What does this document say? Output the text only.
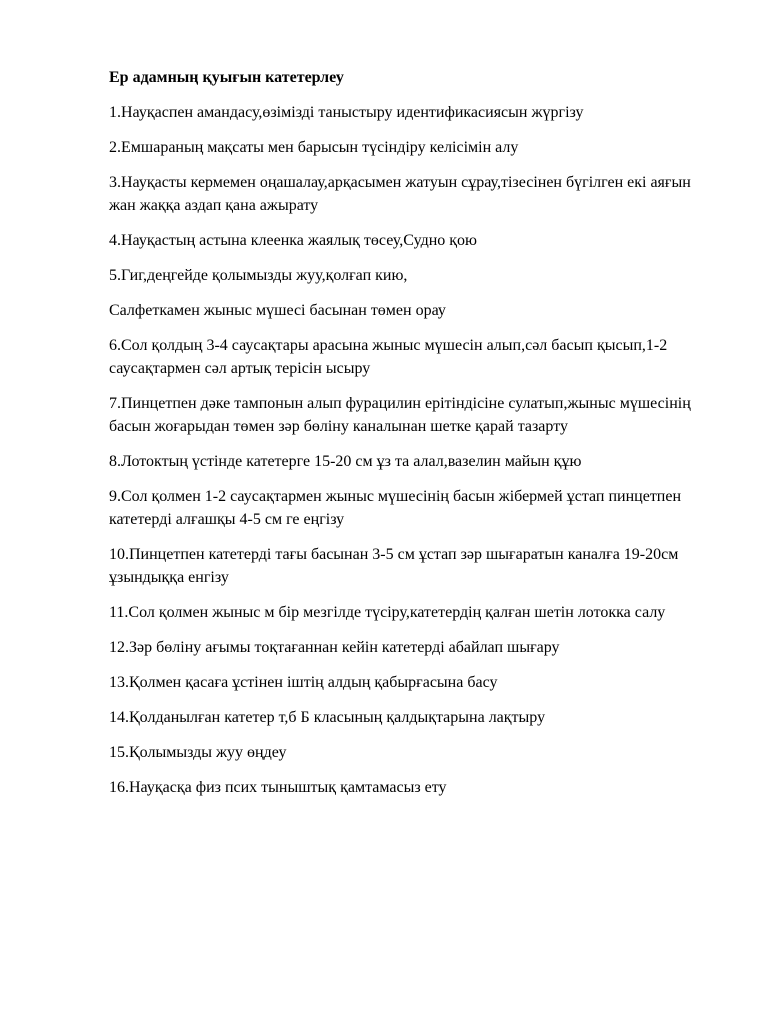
Ер адамның қуығын катетерлеу

1.Науқаспен амандасу,өзімізді таныстыру идентификасиясын жүргізу

2.Емшараның мақсаты мен барысын түсіндіру келісімін алу

3.Науқасты кермемен оңашалау,арқасымен жатуын сұрау,тізесінен бүгілген екі аяғын жан жаққа аздап қана ажырату

4.Науқастың астына клеенка жаялық төсеу,Судно қою

5.Гиг,деңгейде қолымызды жуу,қолғап кию,

Салфеткамен жыныс мүшесі басынан төмен орау

6.Сол қолдың 3-4 саусақтары арасына жыныс мүшесін алып,сәл басып қысып,1-2 саусақтармен сәл артық терісін ысыру

7.Пинцетпен дәке тампонын алып фурацилин ерітіндісіне сулатып,жыныс мүшесінің басын жоғарыдан төмен зәр бөліну каналынан шетке қарай тазарту

8.Лотоктың үстінде катетерге 15-20 см ұз та алал,вазелин майын құю

9.Сол қолмен 1-2 саусақтармен жыныс мүшесінің басын жібермей ұстап пинцетпен катетерді алғашқы 4-5 см ге еңгізу

10.Пинцетпен катетерді тағы басынан 3-5 см ұстап зәр шығаратын каналға 19-20см ұзындыққа енгізу

11.Сол қолмен жыныс м бір мезгілде түсіру,катетердің қалған шетін лотокка салу

12.Зәр бөліну ағымы тоқтағаннан кейін катетерді абайлап шығару

13.Қолмен қасаға ұстінен іштің алдың қабырғасына басу

14.Қолданылған катетер т,б Б класының қалдықтарына лақтыру

15.Қолымызды жуу өңдеу

16.Науқасқа физ псих тыныштық қамтамасыз ету
